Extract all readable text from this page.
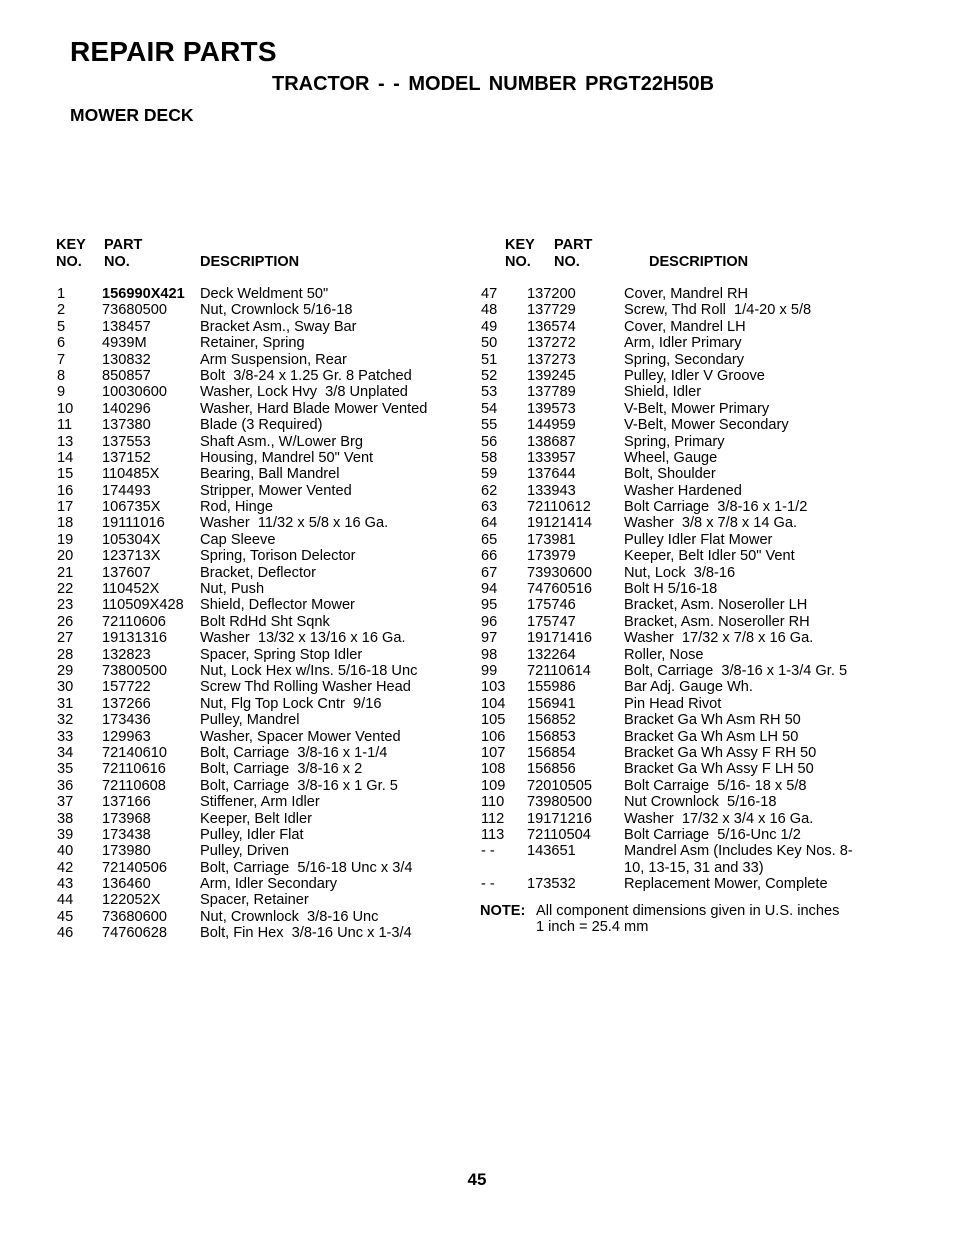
REPAIR PARTS
TRACTOR - - MODEL NUMBER PRGT22H50B
MOWER DECK
KEY
NO.
PART
NO.	DESCRIPTION
KEY
NO.
PART
NO.	DESCRIPTION
1	156990X421 Deck Weldment 50"
2	73680500 Nut, Crownlock 5/16-18
5	138457	Bracket Asm., Sway Bar
6	4939M	Retainer, Spring
7	130832	Arm Suspension, Rear
8	850857	Bolt  3/8-24 x 1.25 Gr. 8 Patched
9	10030600 Washer, Lock Hvy  3/8 Unplated
10 140296	Washer, Hard Blade Mower Vented
11 137380	Blade (3 Required)
13 137553	Shaft Asm., W/Lower Brg
14 137152	Housing, Mandrel 50" Vent
15 110485X	Bearing, Ball Mandrel
16 174493	Stripper, Mower Vented
17 106735X	Rod, Hinge
18 19111016 Washer  11/32 x 5/8 x 16 Ga.
19 105304X	Cap Sleeve
20 123713X	Spring, Torison Delector
21 137607	Bracket, Deflector
22 110452X	Nut, Push
23 110509X428 Shield, Deflector Mower
26 72110606 Bolt RdHd Sht Sqnk
27 19131316 Washer  13/32 x 13/16 x 16 Ga.
28 132823	Spacer, Spring Stop Idler
29 73800500 Nut, Lock Hex w/Ins. 5/16-18 Unc
30 157722	Screw Thd Rolling Washer Head
31 137266	Nut, Flg Top Lock Cntr  9/16
32 173436	Pulley, Mandrel
33 129963	Washer, Spacer Mower Vented
34 72140610 Bolt, Carriage  3/8-16 x 1-1/4
35 72110616 Bolt, Carriage  3/8-16 x 2
36 72110608 Bolt, Carriage  3/8-16 x 1 Gr. 5
37 137166	Stiffener, Arm Idler
38 173968	Keeper, Belt Idler
39 173438	Pulley, Idler Flat
40 173980	Pulley, Driven
42 72140506 Bolt, Carriage  5/16-18 Unc x 3/4
43 136460	Arm, Idler Secondary
44 122052X	Spacer, Retainer
45 73680600 Nut, Crownlock  3/8-16 Unc
46 74760628 Bolt, Fin Hex  3/8-16 Unc x 1-3/4
47 137200	Cover, Mandrel RH
48 137729	Screw, Thd Roll  1/4-20 x 5/8
49 136574	Cover, Mandrel LH
50 137272	Arm, Idler Primary
51 137273	Spring, Secondary
52 139245	Pulley, Idler V Groove
53 137789	Shield, Idler
54 139573	V-Belt, Mower Primary
55 144959	V-Belt, Mower Secondary
56 138687	Spring, Primary
58 133957	Wheel, Gauge
59 137644	Bolt, Shoulder
62 133943	Washer Hardened
63 72110612 Bolt Carriage  3/8-16 x 1-1/2
64 19121414 Washer  3/8 x 7/8 x 14 Ga.
65 173981	Pulley Idler Flat Mower
66 173979	Keeper, Belt Idler 50" Vent
67 73930600 Nut, Lock  3/8-16
94 74760516 Bolt H 5/16-18
95 175746	Bracket, Asm. Noseroller LH
96 175747	Bracket, Asm. Noseroller RH
97 19171416 Washer  17/32 x 7/8 x 16 Ga.
98 132264	Roller, Nose
99 72110614 Bolt, Carriage  3/8-16 x 1-3/4 Gr. 5
103 155986	Bar Adj. Gauge Wh.
104 156941	Pin Head Rivot
105 156852	Bracket Ga Wh Asm RH 50
106 156853	Bracket Ga Wh Asm LH 50
107 156854	Bracket Ga Wh Assy F RH 50
108 156856	Bracket Ga Wh Assy F LH 50
109 72010505 Bolt Carraige  5/16- 18 x 5/8
110 73980500 Nut Crownlock  5/16-18
112 19171216 Washer  17/32 x 3/4 x 16 Ga.
113 72110504 Bolt Carriage  5/16-Unc 1/2
- - 143651	Mandrel Asm (Includes Key Nos. 8-
10, 13-15, 31 and 33)
- - 173532	Replacement Mower, Complete
NOTE: All component dimensions given in U.S. inches
1 inch = 25.4 mm
45
